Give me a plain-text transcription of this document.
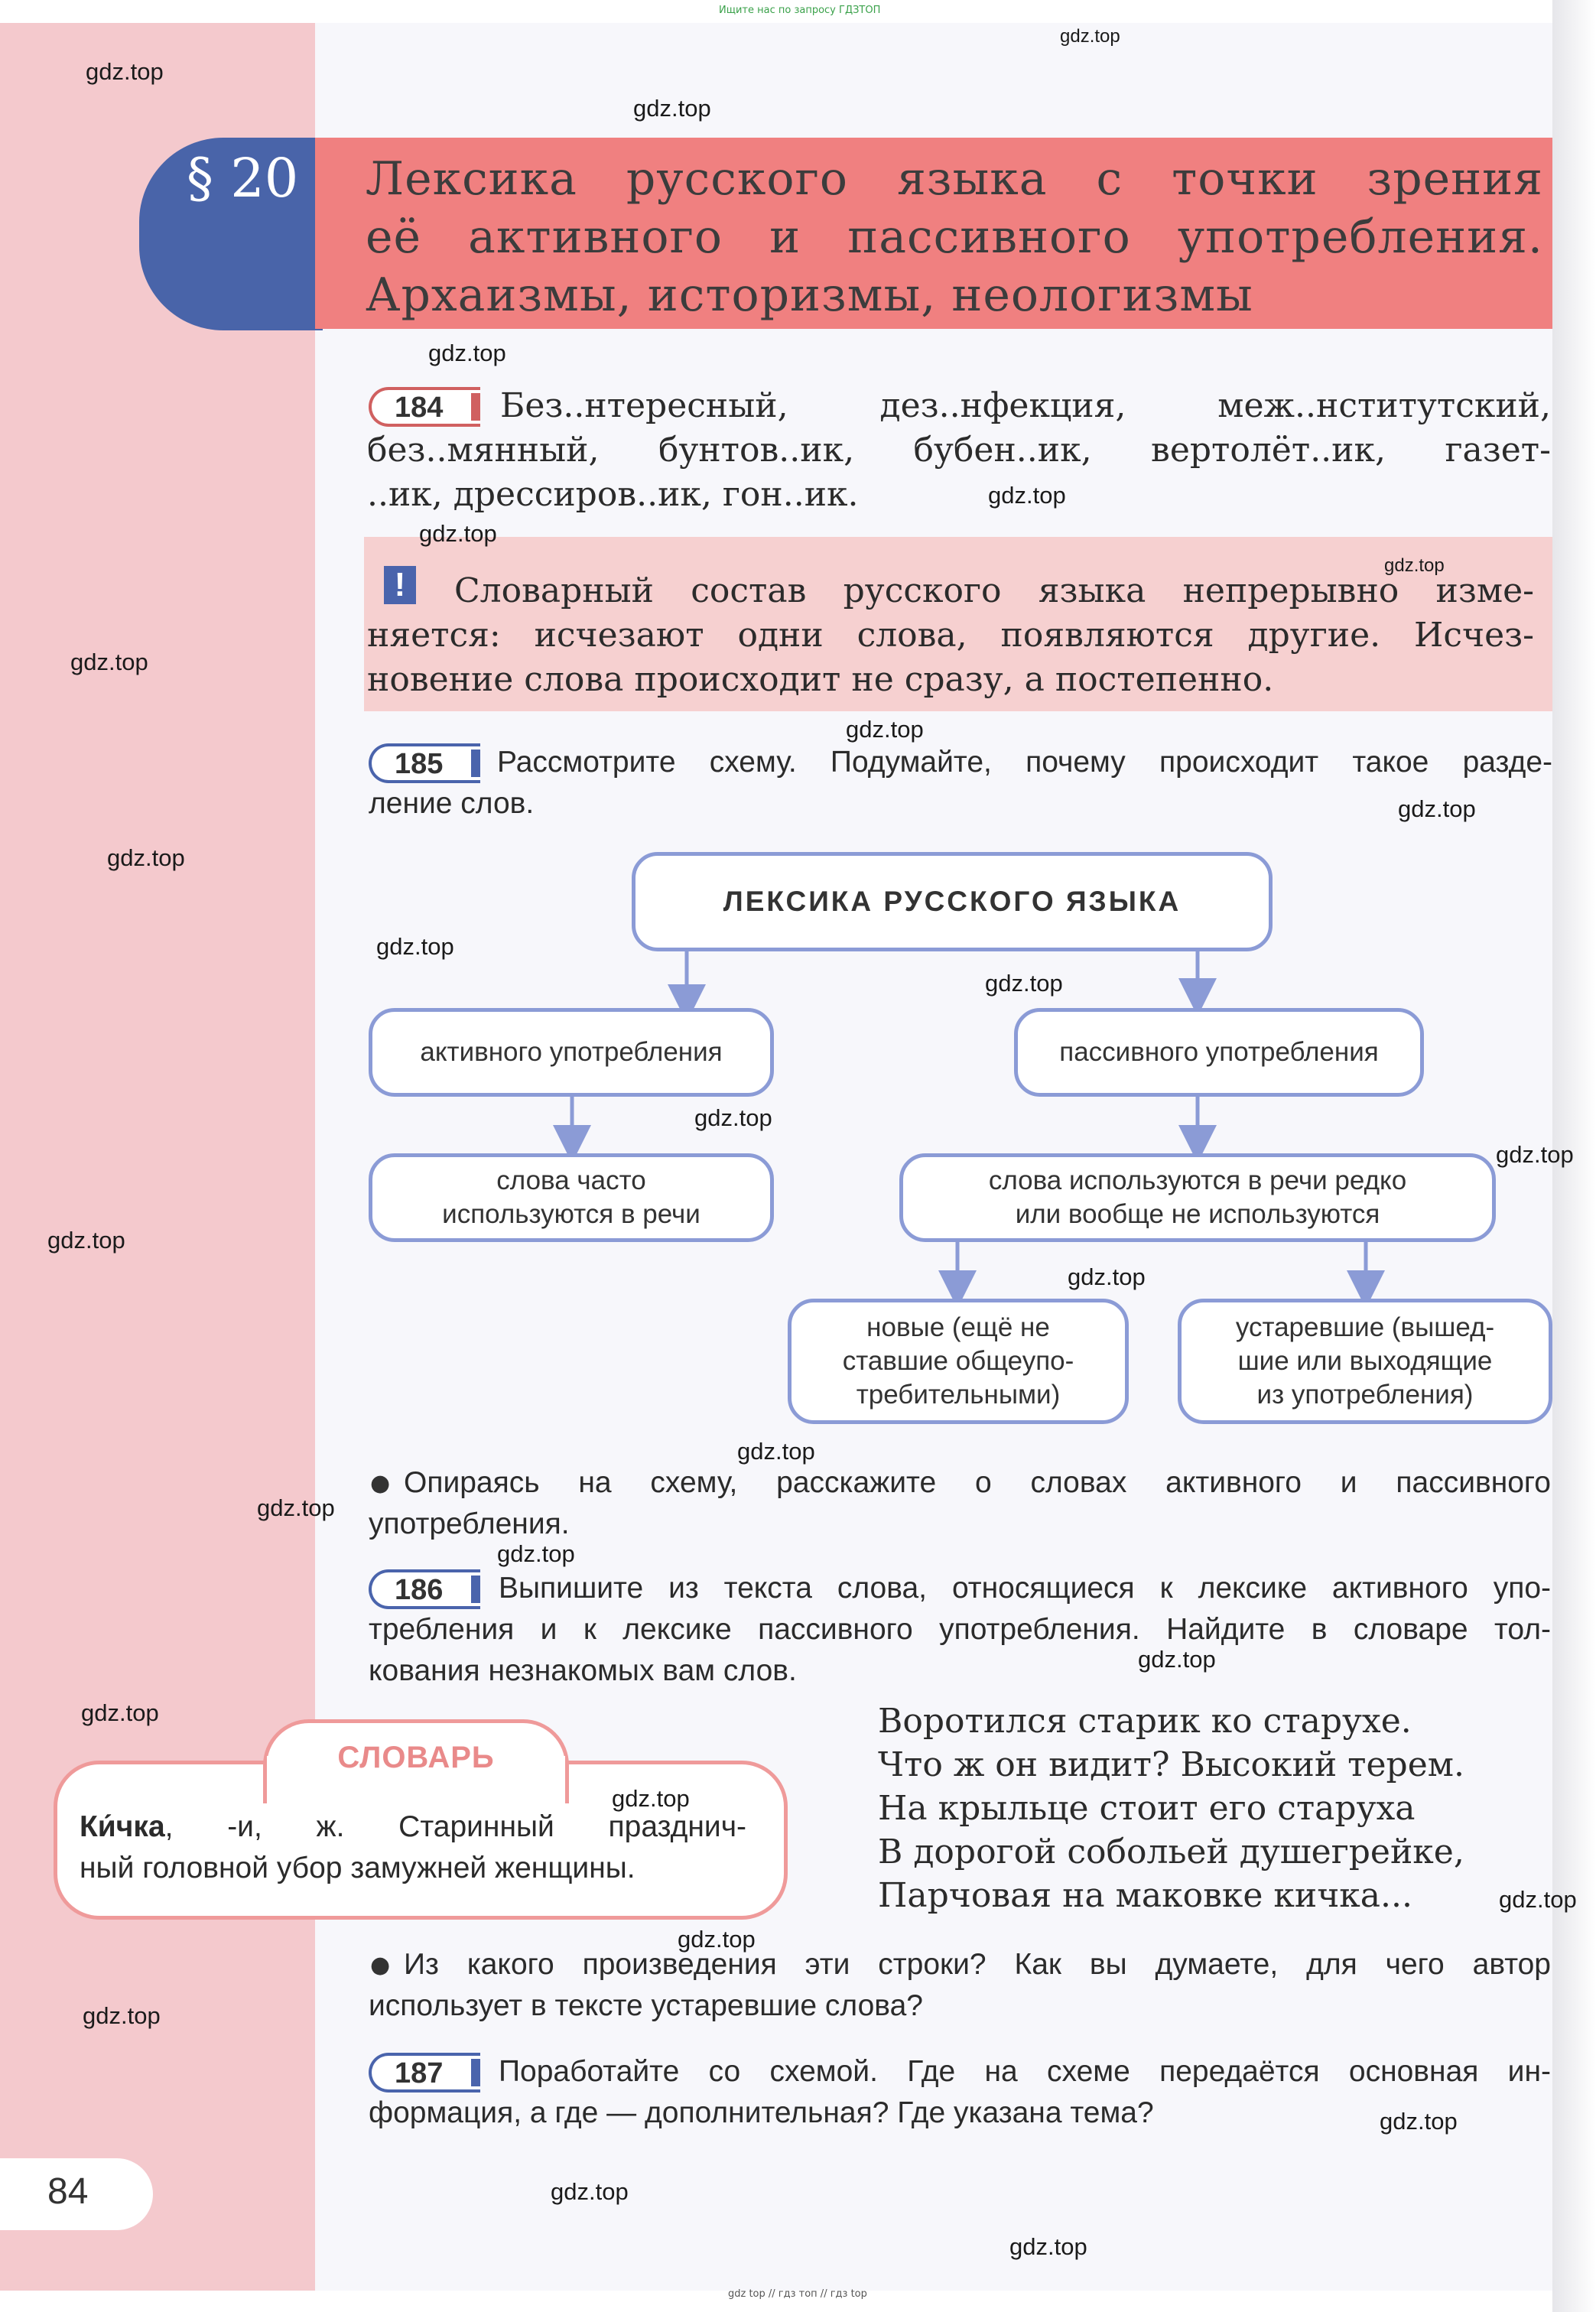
Ищите нас по запросу ГДЗТОП
§ 20 Лексика русского языка с точки зрения
её активного и пассивного употребления.
Архаизмы, историзмы, неологизмы
184	Без..нтересный, дез..нфекция, меж..нститутский,
без..мянный, бунтов..ик, бубен..ик, вертолёт..ик, газет-
..ик, дрессиров..ик, гон..ик.
!	Словарный состав русского языка непрерывно изме-
няется: исчезают одни слова, появляются другие. Исчез-
новение слова происходит не сразу, а постепенно.
185	Рассмотрите схему. Подумайте, почему происходит такое разде-
ление слов.
ЛЕКСИКА РУССКОГО ЯЗЫКА
активного употребления	пассивного употребления
слова часто
используются в речи
слова используются в речи редко
или вообще не используются
новые (ещё не
ставшие общеупо-
требительными)
устаревшие (вышед-
шие или выходящие
из употребления)
● Опираясь на схему, расскажите о словах активного и пассивного
употребления.
186	Выпишите из текста слова, относящиеся к лексике активного упо-
требления и к лексике пассивного употребления. Найдите в словаре тол-
кования незнакомых вам слов.
СЛОВАРЬ
Ки́чка, -и, ж. Старинный празднич-
ный головной убор замужней женщины.
Воротился старик ко старухе.
Что ж он видит? Высокий терем.
На крыльце стоит его старуха
В дорогой собольей душегрейке,
Парчовая на маковке кичка...
● Из какого произведения эти строки? Как вы думаете, для чего автор
использует в тексте устаревшие слова?
187	Поработайте со схемой. Где на схеме передаётся основная ин-
формация, а где — дополнительная? Где указана тема?
84
gdz top // гдз топ // гдз top
gdz.top
gdz.top
gdz.top
gdz.top
gdz.top
gdz.top
gdz.top
gdz.top
gdz.top
gdz.top
gdz.top
gdz.top
gdz.top
gdz.top
gdz.top
gdz.top
gdz.top
gdz.top
gdz.top
gdz.top
gdz.top
gdz.top
gdz.top
gdz.top
gdz.top
gdz.top
gdz.top
gdz.top
gdz.top
